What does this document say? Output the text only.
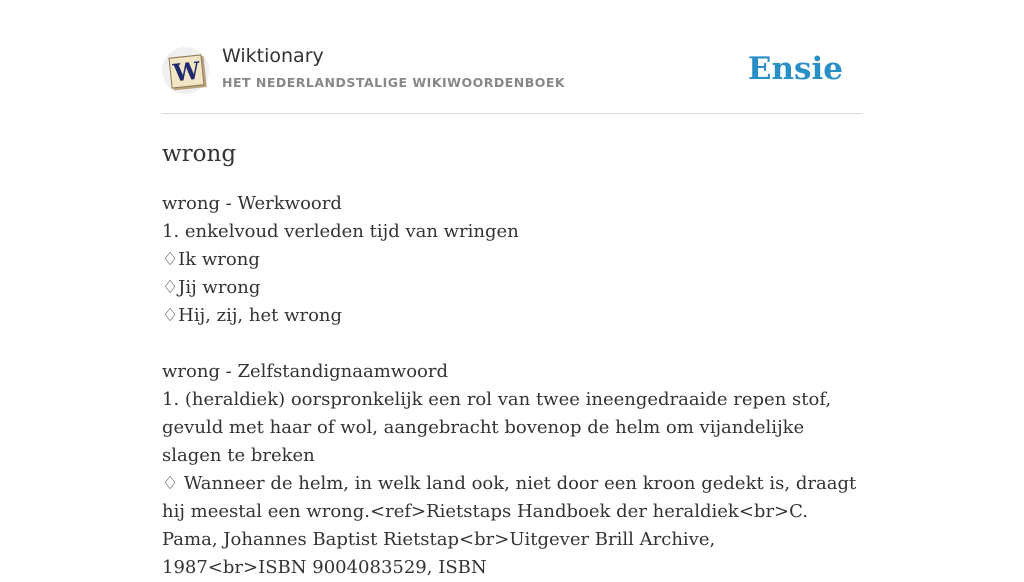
W Wiktionary
HET NEDERLANDSTALIGE WIKIWOORDENBOEK	Ensie
wrong
wrong - Werkwoord
1. enkelvoud verleden tijd van wringen
♢Ik wrong
♢Jij wrong
♢Hij, zij, het wrong
wrong - Zelfstandignaamwoord
1. (heraldiek) oorspronkelijk een rol van twee ineengedraaide repen stof, gevuld met haar of wol, aangebracht bovenop de helm om vijandelijke slagen te breken
♢ Wanneer de helm, in welk land ook, niet door een kroon gedekt is, draagt hij meestal een wrong.<ref>Rietstaps Handboek der heraldiek<br>C. Pama, Johannes Baptist Rietstap<br>Uitgever Brill Archive, 1987<br>ISBN 9004083529, ISBN
